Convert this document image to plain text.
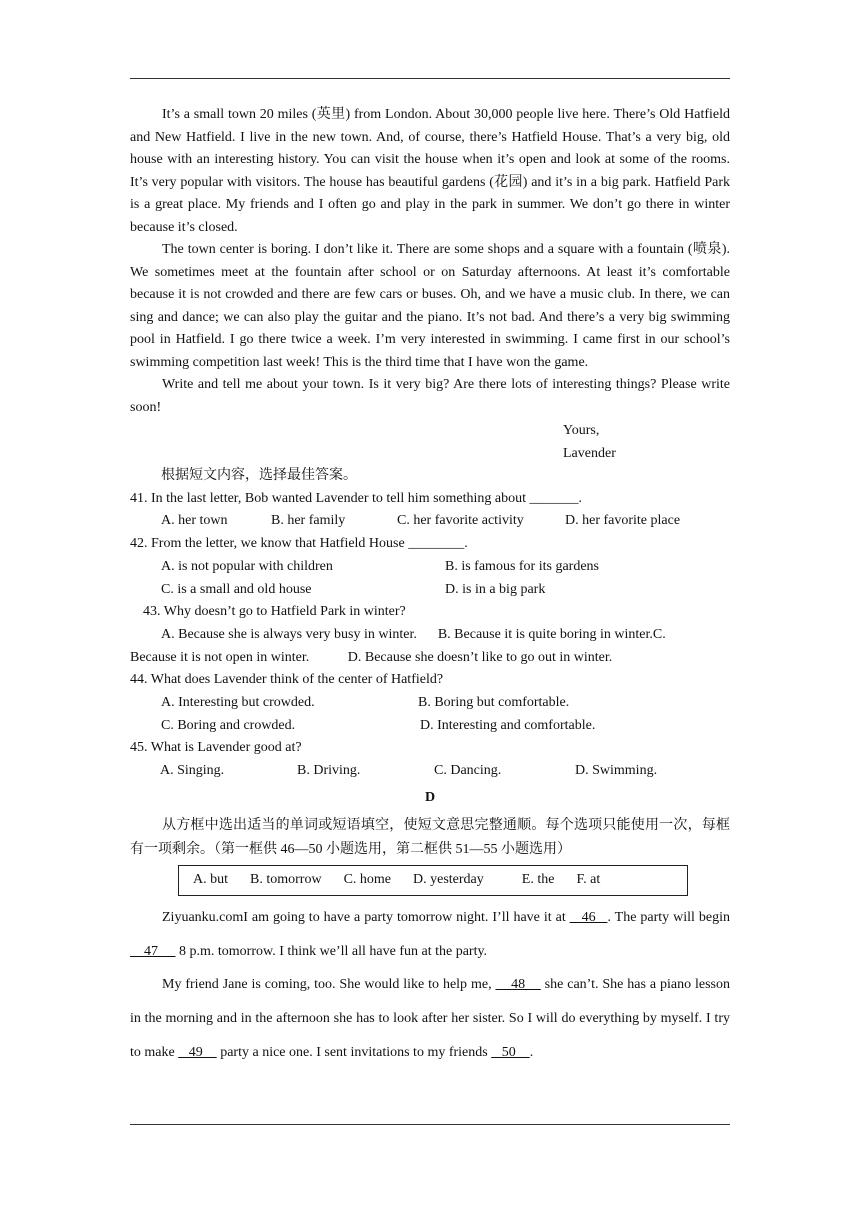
It’s a small town 20 miles (英里) from London. About 30,000 people live here. There’s Old Hatfield and New Hatfield. I live in the new town. And, of course, there’s Hatfield House. That’s a very big, old house with an interesting history. You can visit the house when it’s open and look at some of the rooms. It’s very popular with visitors. The house has beautiful gardens (花园) and it’s in a big park. Hatfield Park is a great place. My friends and I often go and play in the park in summer. We don’t go there in winter because it’s closed.

The town center is boring. I don’t like it. There are some shops and a square with a fountain (喷泉). We sometimes meet at the fountain after school or on Saturday afternoons. At least it’s comfortable because it is not crowded and there are few cars or buses. Oh, and we have a music club. In there, we can sing and dance; we can also play the guitar and the piano. It’s not bad. And there’s a very big swimming pool in Hatfield. I go there twice a week. I’m very interested in swimming. I came first in our school’s swimming competition last week! This is the third time that I have won the game.

Write and tell me about your town. Is it very big? Are there lots of interesting things? Please write soon!

Yours,
Lavender
根据短文内容，选择最佳答案。
41. In the last letter, Bob wanted Lavender to tell him something about _______.
A. her town	B. her family	C. her favorite activity	D. her favorite place
42. From the letter, we know that Hatfield House ________.
A. is not popular with children	B. is famous for its gardens
C. is a small and old house	D. is in a big park
43. Why doesn’t go to Hatfield Park in winter?
A. Because she is always very busy in winter.      B. Because it is quite boring in winter.C.
Because it is not open in winter.           D. Because she doesn’t like to go out in winter.
44. What does Lavender think of the center of Hatfield?
A. Interesting but crowded.	B. Boring but comfortable.
C. Boring and crowded.	D. Interesting and comfortable.
45. What is Lavender good at?
A. Singing.	B. Driving.	C. Dancing.	D. Swimming.
D

从方框中选出适当的单词或短语填空，使短文意思完整通顺。每个选项只能使用一次，每框有一项剩余。（第一框供 46—50 小题选用，第二框供 51—55 小题选用）

A. but B. tomorrow C. home D. yesterday	E. the F. at

Ziyuanku.comI am going to have a party tomorrow night. I’ll have it at    46   . The party will begin    47      8 p.m. tomorrow. I think we’ll all have fun at the party.

My friend Jane is coming, too. She would like to help me,     48     she can’t. She has a piano lesson in the morning and in the afternoon she has to look after her sister. So I will do everything by myself. I try to make    49     party a nice one. I sent invitations to my friends    50    .
